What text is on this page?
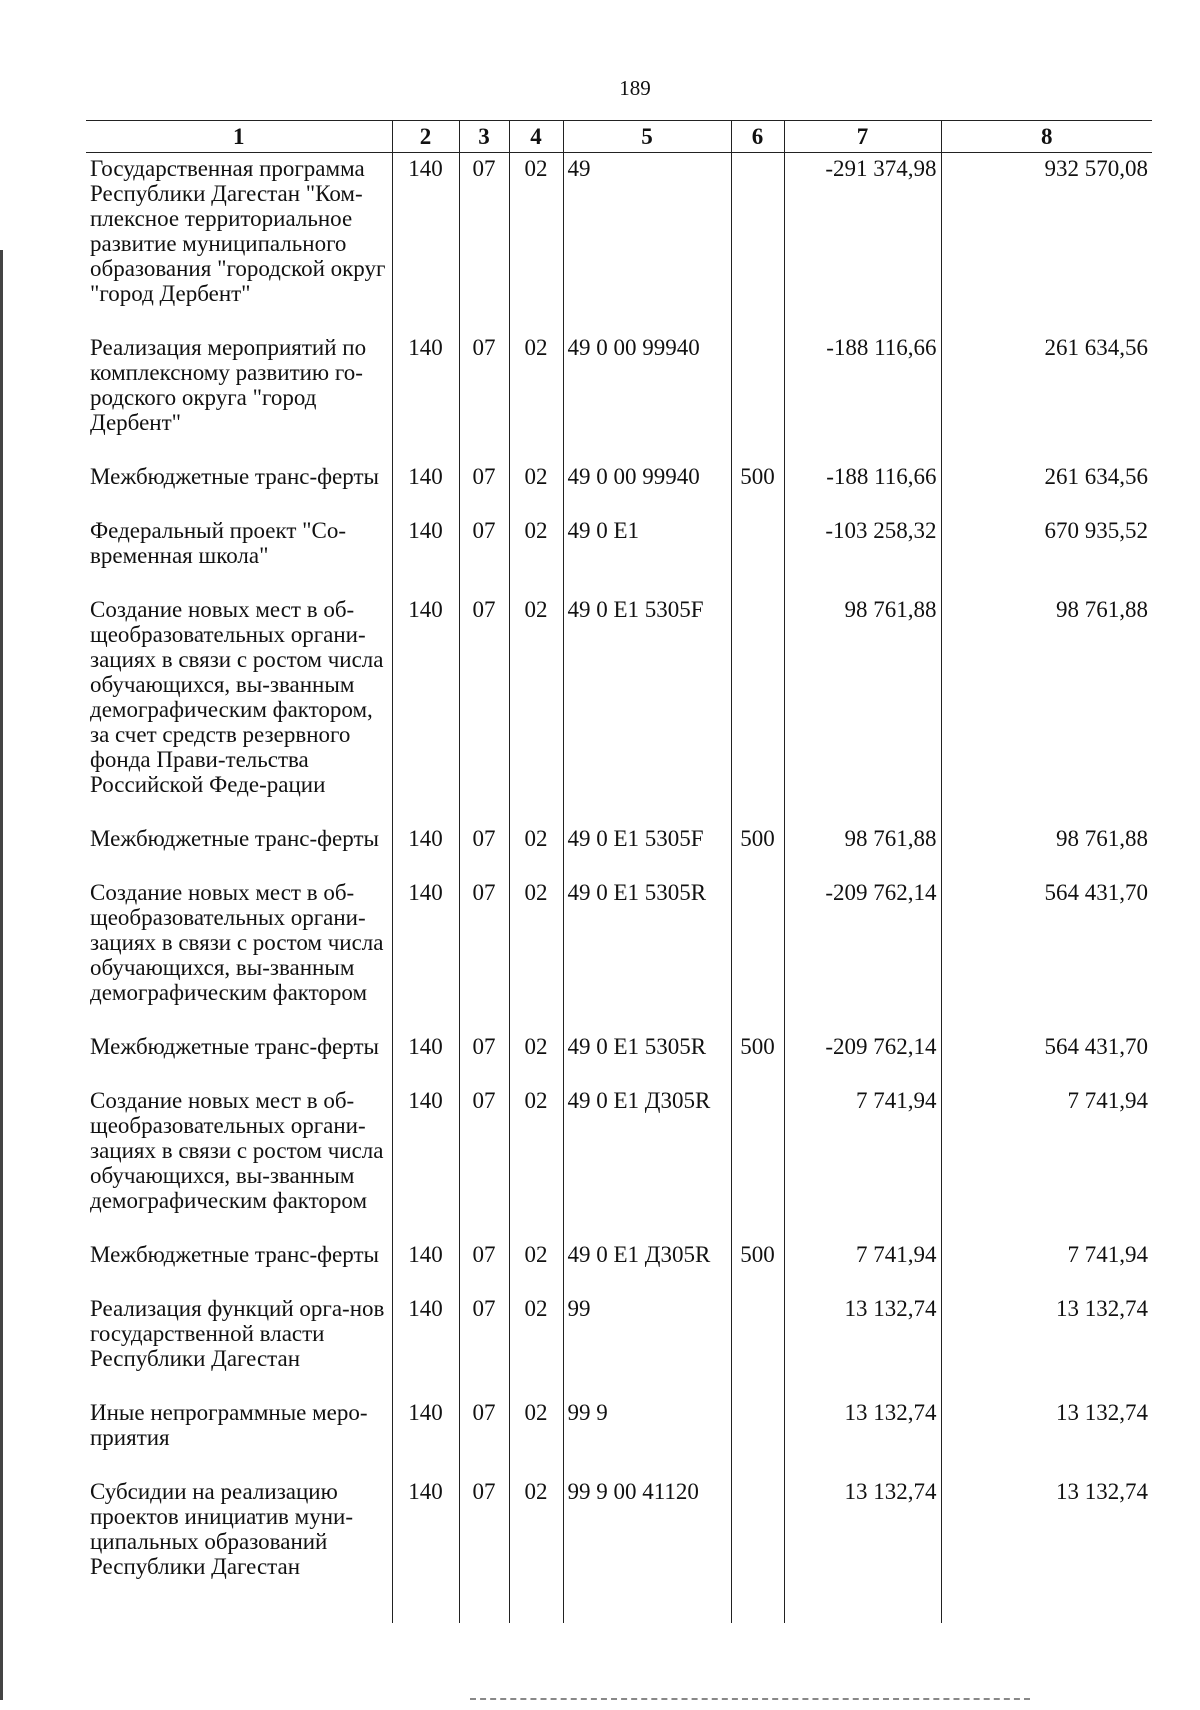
189
1	2	3	4	5	6	7	8
Государственная программа Республики Дагестан "Ком-плексное территориальное развитие муниципального образования "городской округ "город Дербент"	140	07	02	49		-291 374,98	932 570,08
Реализация мероприятий по комплексному развитию го-родского округа "город Дербент"	140	07	02	49 0 00 99940		-188 116,66	261 634,56
Межбюджетные транс-ферты	140	07	02	49 0 00 99940	500	-188 116,66	261 634,56
Федеральный проект "Со-временная школа"	140	07	02	49 0 E1		-103 258,32	670 935,52
Создание новых мест в об-щеобразовательных органи-зациях в связи с ростом числа обучающихся, вы-званным демографическим фактором, за счет средств резервного фонда Прави-тельства Российской Феде-рации	140	07	02	49 0 E1 5305F		98 761,88	98 761,88
Межбюджетные транс-ферты	140	07	02	49 0 E1 5305F	500	98 761,88	98 761,88
Создание новых мест в об-щеобразовательных органи-зациях в связи с ростом числа обучающихся, вы-званным демографическим фактором	140	07	02	49 0 E1 5305R		-209 762,14	564 431,70
Межбюджетные транс-ферты	140	07	02	49 0 E1 5305R	500	-209 762,14	564 431,70
Создание новых мест в об-щеобразовательных органи-зациях в связи с ростом числа обучающихся, вы-званным демографическим фактором	140	07	02	49 0 E1 Д305R		7 741,94	7 741,94
Межбюджетные транс-ферты	140	07	02	49 0 E1 Д305R	500	7 741,94	7 741,94
Реализация функций орга-нов государственной власти Республики Дагестан	140	07	02	99		13 132,74	13 132,74
Иные непрограммные меро-приятия	140	07	02	99 9		13 132,74	13 132,74
Субсидии на реализацию проектов инициатив муни-ципальных образований Республики Дагестан	140	07	02	99 9 00 41120		13 132,74	13 132,74
